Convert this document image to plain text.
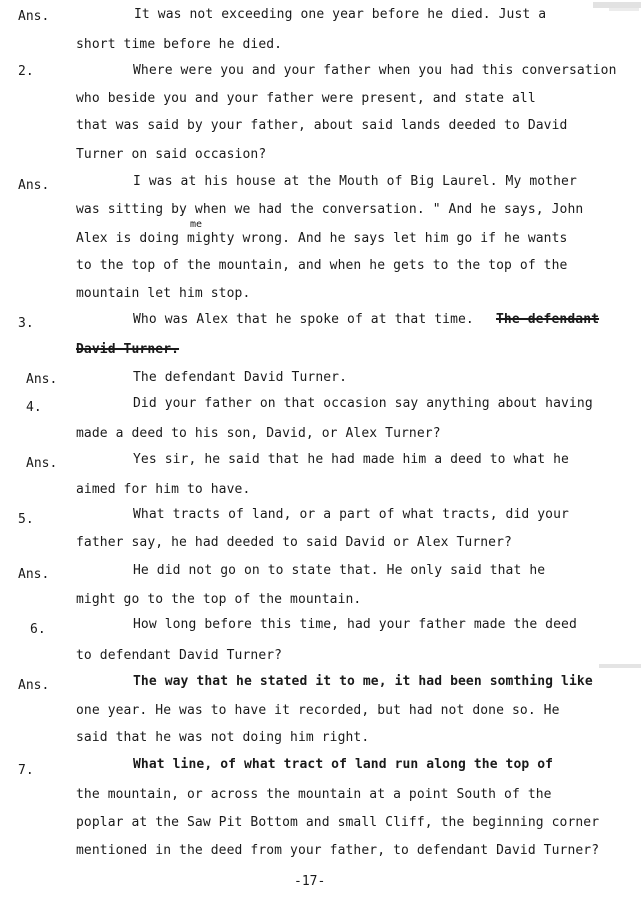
Ans.	It was not exceeding one year before he died. Just a
short time before he died.
2.	Where were you and your father when you had this conversation
who beside you and your father were present, and state all
that was said by your father, about said lands deeded to David
Turner on said occasion?
Ans.	I was at his house at the Mouth of Big Laurel. My mother
was sitting by when we had the conversation. " And he says, John
me
Alex is doing mighty wrong. And he says let him go if he wants
to the top of the mountain, and when he gets to the top of the
mountain let him stop.
3.	Who was Alex that he spoke of at that time. The defendant
David Turner.
Ans.	The defendant David Turner.
4.	Did your father on that occasion say anything about having
made a deed to his son, David, or Alex Turner?
Ans.	Yes sir, he said that he had made him a deed to what he
aimed for him to have.
5.	What tracts of land, or a part of what tracts, did your
father say, he had deeded to said David or Alex Turner?
Ans.	He did not go on to state that. He only said that he
might go to the top of the mountain.
6.	How long before this time, had your father made the deed
to defendant David Turner?
Ans.	The way that he stated it to me, it had been somthing like
one year. He was to have it recorded, but had not done so. He
said that he was not doing him right.
7.	What line, of what tract of land run along the top of
the mountain, or across the mountain at a point South of the
poplar at the Saw Pit Bottom and small Cliff, the beginning corner
mentioned in the deed from your father, to defendant David Turner?
-17-
